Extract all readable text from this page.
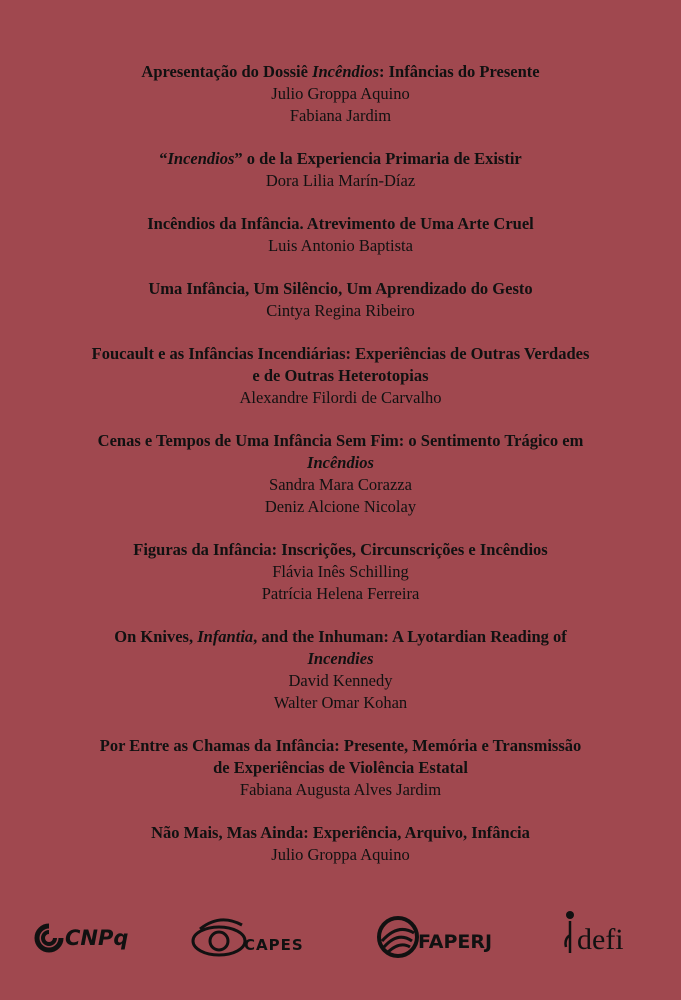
Apresentação do Dossiê Incêndios: Infâncias do Presente
Julio Groppa Aquino
Fabiana Jardim
“Incendios” o de la Experiencia Primaria de Existir
Dora Lilia Marín-Díaz
Incêndios da Infância. Atrevimento de Uma Arte Cruel
Luis Antonio Baptista
Uma Infância, Um Silêncio, Um Aprendizado do Gesto
Cintya Regina Ribeiro
Foucault e as Infâncias Incendiárias: Experiências de Outras Verdades
e de Outras Heterotopias
Alexandre Filordi de Carvalho
Cenas e Tempos de Uma Infância Sem Fim: o Sentimento Trágico em
Incêndios
Sandra Mara Corazza
Deniz Alcione Nicolay
Figuras da Infância: Inscrições, Circunscrições e Incêndios
Flávia Inês Schilling
Patrícia Helena Ferreira
On Knives, Infantia, and the Inhuman: A Lyotardian Reading of
Incendies
David Kennedy
Walter Omar Kohan
Por Entre as Chamas da Infância: Presente, Memória e Transmissão
de Experiências de Violência Estatal
Fabiana Augusta Alves Jardim
Não Mais, Mas Ainda: Experiência, Arquivo, Infância
Julio Groppa Aquino
CNPq	CAPES	FAPERJ	defi
